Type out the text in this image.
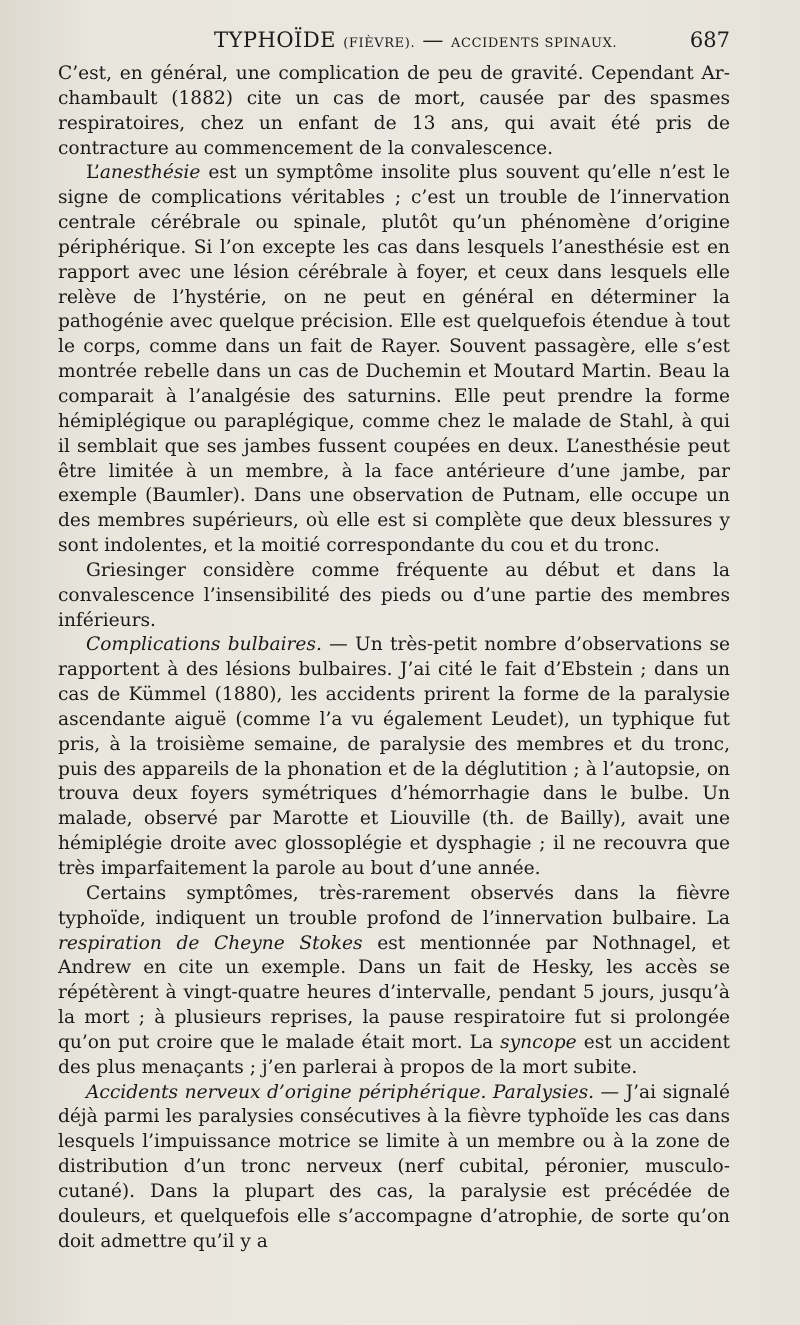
TYPHOÏDE (FIÈVRE). — ACCIDENTS SPINAUX.	687

C’est, en général, une complication de peu de gravité. Cependant Archambault (1882) cite un cas de mort, causée par des spasmes respiratoires, chez un enfant de 13 ans, qui avait été pris de contracture au commencement de la convalescence.

L’anesthésie est un symptôme insolite plus souvent qu’elle n’est le signe de complications véritables ; c’est un trouble de l’innervation centrale cérébrale ou spinale, plutôt qu’un phénomène d’origine périphérique. Si l’on excepte les cas dans lesquels l’anesthésie est en rapport avec une lésion cérébrale à foyer, et ceux dans lesquels elle relève de l’hystérie, on ne peut en général en déterminer la pathogénie avec quelque précision. Elle est quelquefois étendue à tout le corps, comme dans un fait de Rayer. Souvent passagère, elle s’est montrée rebelle dans un cas de Duchemin et Moutard Martin. Beau la comparait à l’analgésie des saturnins. Elle peut prendre la forme hémiplégique ou paraplégique, comme chez le malade de Stahl, à qui il semblait que ses jambes fussent coupées en deux. L’anesthésie peut être limitée à un membre, à la face antérieure d’une jambe, par exemple (Baumler). Dans une observation de Putnam, elle occupe un des membres supérieurs, où elle est si complète que deux blessures y sont indolentes, et la moitié correspondante du cou et du tronc.

Griesinger considère comme fréquente au début et dans la convalescence l’insensibilité des pieds ou d’une partie des membres inférieurs.

Complications bulbaires. — Un très-petit nombre d’observations se rapportent à des lésions bulbaires. J’ai cité le fait d’Ebstein ; dans un cas de Kümmel (1880), les accidents prirent la forme de la paralysie ascendante aiguë (comme l’a vu également Leudet), un typhique fut pris, à la troisième semaine, de paralysie des membres et du tronc, puis des appareils de la phonation et de la déglutition ; à l’autopsie, on trouva deux foyers symétriques d’hémorrhagie dans le bulbe. Un malade, observé par Marotte et Liouville (th. de Bailly), avait une hémiplégie droite avec glossoplégie et dysphagie ; il ne recouvra que très imparfaitement la parole au bout d’une année.

Certains symptômes, très-rarement observés dans la fièvre typhoïde, indiquent un trouble profond de l’innervation bulbaire. La respiration de Cheyne Stokes est mentionnée par Nothnagel, et Andrew en cite un exemple. Dans un fait de Hesky, les accès se répétèrent à vingt-quatre heures d’intervalle, pendant 5 jours, jusqu’à la mort ; à plusieurs reprises, la pause respiratoire fut si prolongée qu’on put croire que le malade était mort. La syncope est un accident des plus menaçants ; j’en parlerai à propos de la mort subite.

Accidents nerveux d’origine périphérique. Paralysies. — J’ai signalé déjà parmi les paralysies consécutives à la fièvre typhoïde les cas dans lesquels l’impuissance motrice se limite à un membre ou à la zone de distribution d’un tronc nerveux (nerf cubital, péronier, musculo-cutané). Dans la plupart des cas, la paralysie est précédée de douleurs, et quelquefois elle s’accompagne d’atrophie, de sorte qu’on doit admettre qu’il y a
